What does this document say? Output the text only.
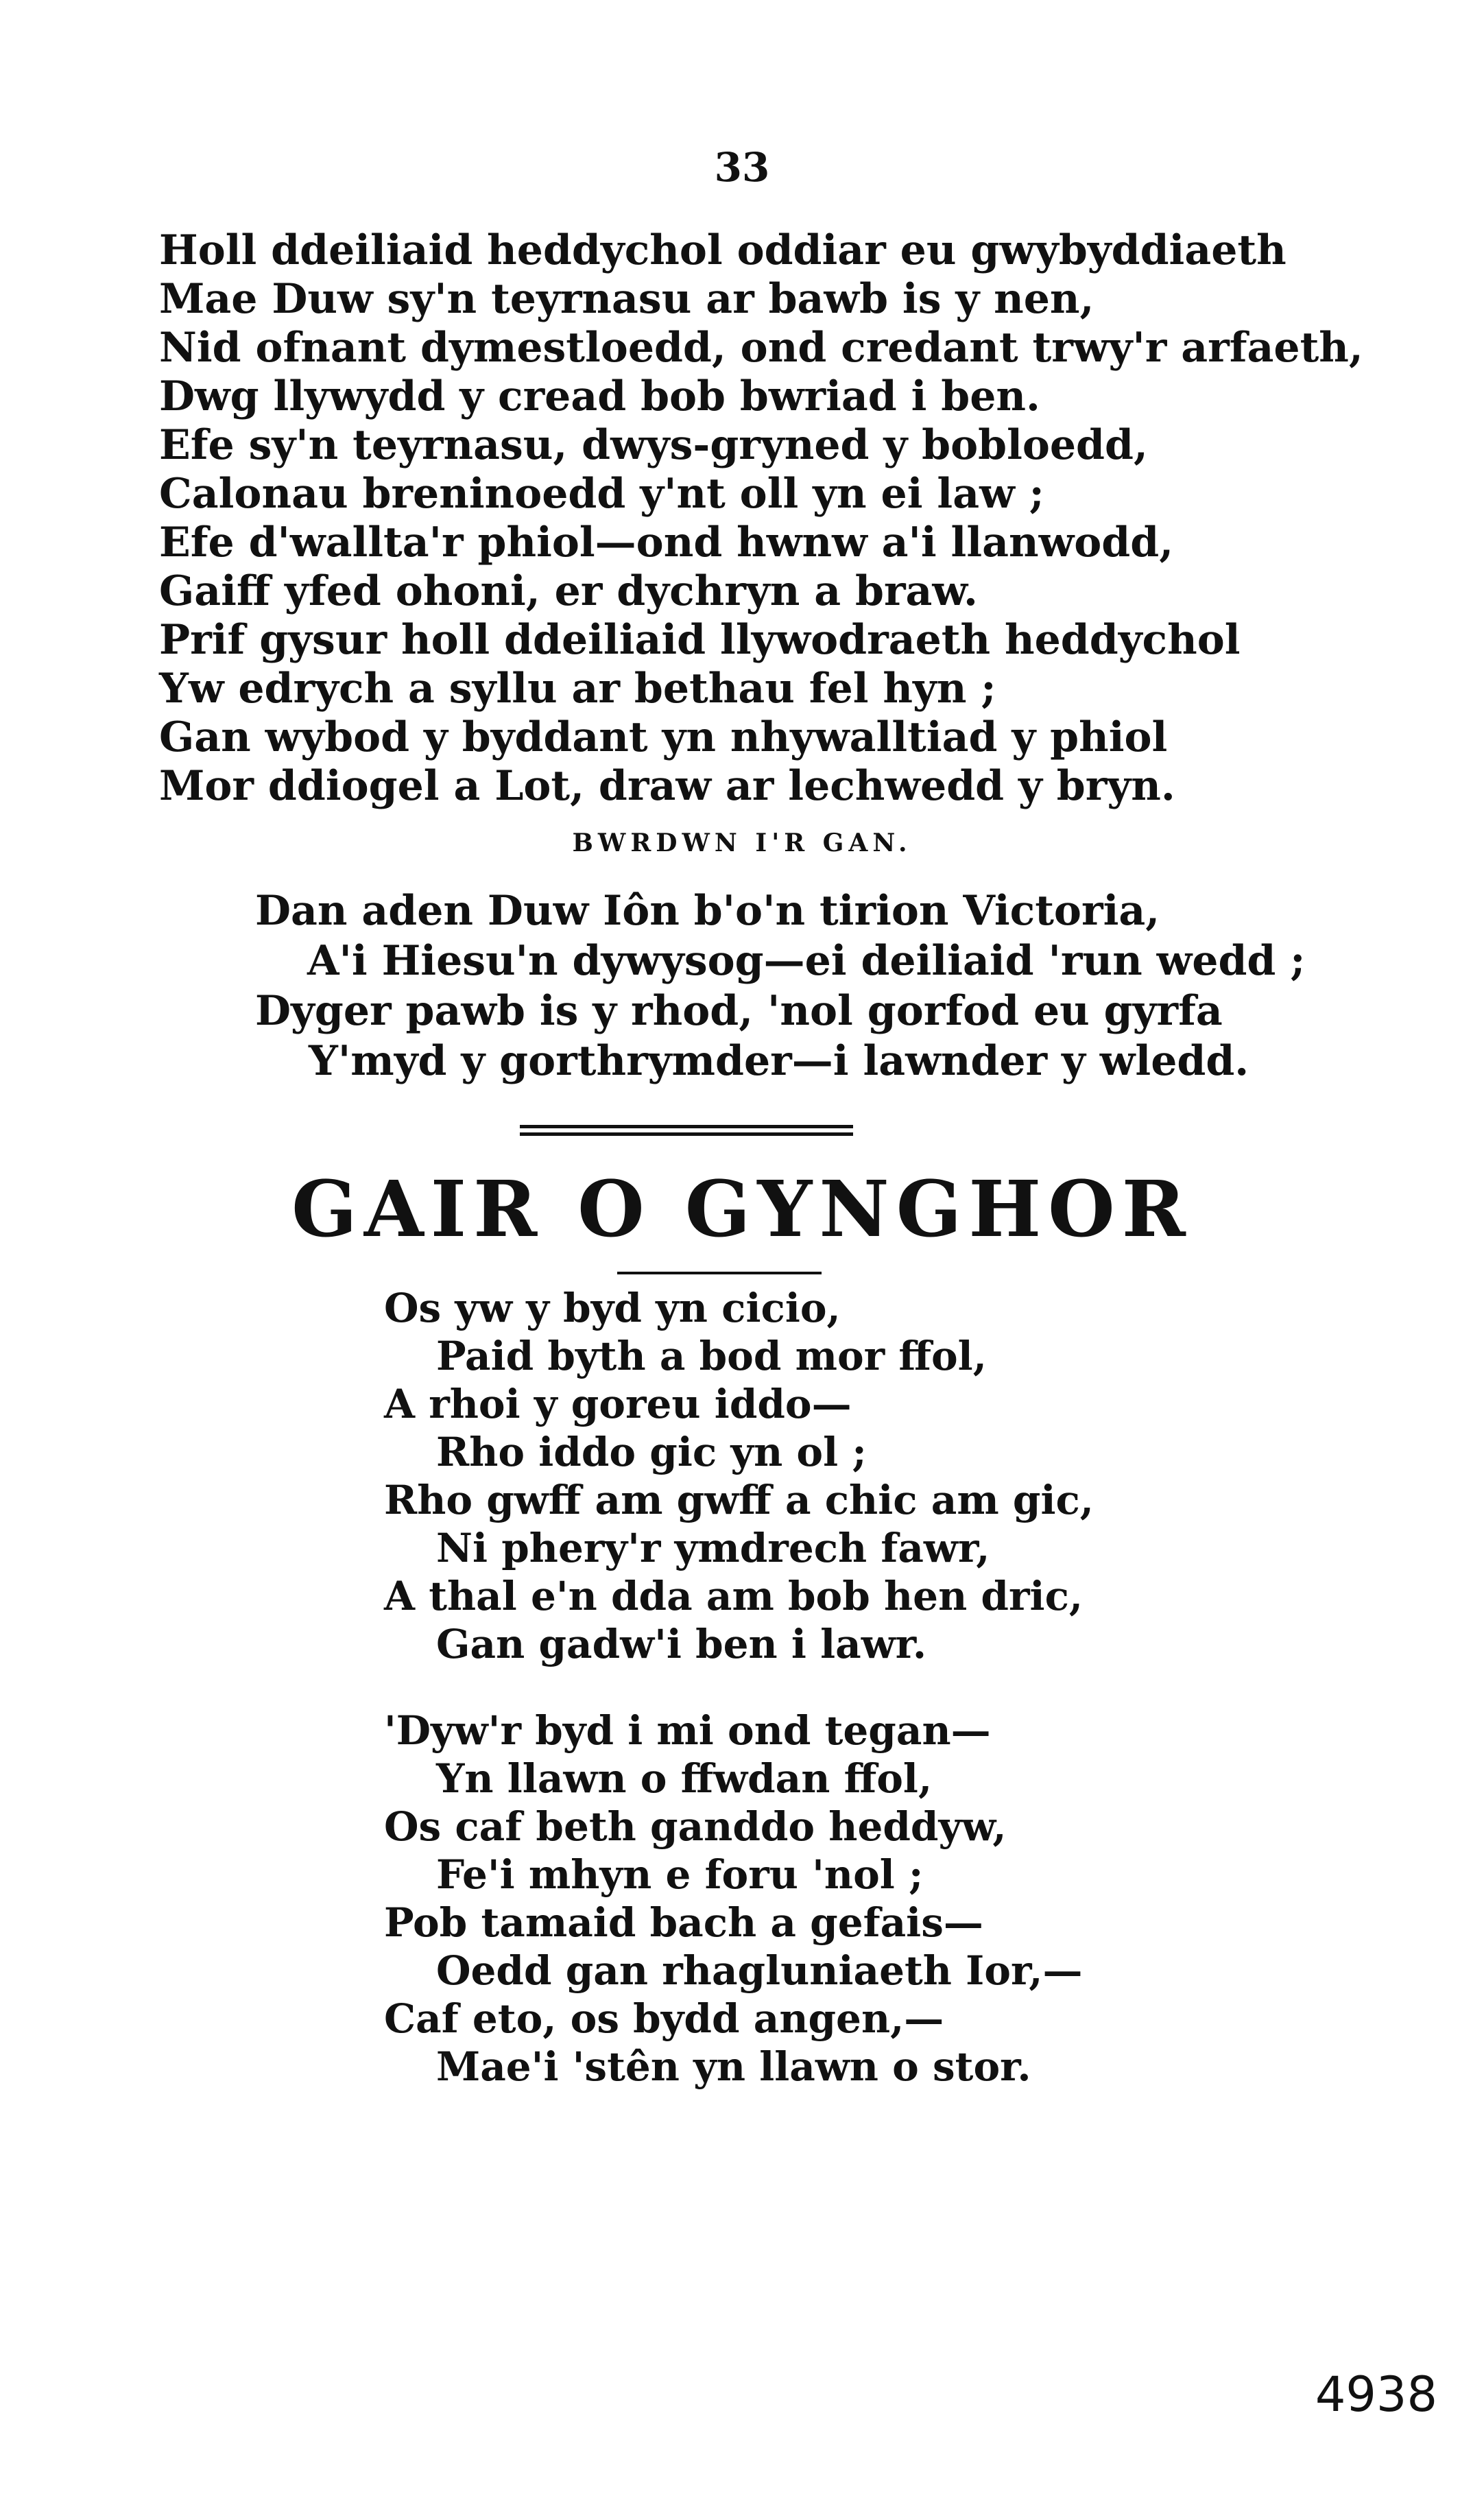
33
Holl ddeiliaid heddychol oddiar eu gwybyddiaeth
Mae Duw sy'n teyrnasu ar bawb is y nen,
Nid ofnant dymestloedd, ond credant trwy'r arfaeth,
Dwg llywydd y cread bob bwriad i ben.
Efe sy'n teyrnasu, dwys-gryned y bobloedd,
Calonau breninoedd y'nt oll yn ei law ;
Efe d'wallta'r phiol—ond hwnw a'i llanwodd,
Gaiff yfed ohoni, er dychryn a braw.
Prif gysur holl ddeiliaid llywodraeth heddychol
Yw edrych a syllu ar bethau fel hyn ;
Gan wybod y byddant yn nhywalltiad y phiol
Mor ddiogel a Lot, draw ar lechwedd y bryn.
BWRDWN I'R GAN.
Dan aden Duw Iôn b'o'n tirion Victoria,
A'i Hiesu'n dywysog—ei deiliaid 'run wedd ;
Dyger pawb is y rhod, 'nol gorfod eu gyrfa
Y'myd y gorthrymder—i lawnder y wledd.
GAIR O GYNGHOR
Os yw y byd yn cicio,
Paid byth a bod mor ffol,
A rhoi y goreu iddo—
Rho iddo gic yn ol ;
Rho gwff am gwff a chic am gic,
Ni phery'r ymdrech fawr,
A thal e'n dda am bob hen dric,
Gan gadw'i ben i lawr.
'Dyw'r byd i mi ond tegan—
Yn llawn o ffwdan ffol,
Os caf beth ganddo heddyw,
Fe'i mhyn e foru 'nol ;
Pob tamaid bach a gefais—
Oedd gan rhagluniaeth Ior,—
Caf eto, os bydd angen,—
Mae'i 'stên yn llawn o stor.
4938
